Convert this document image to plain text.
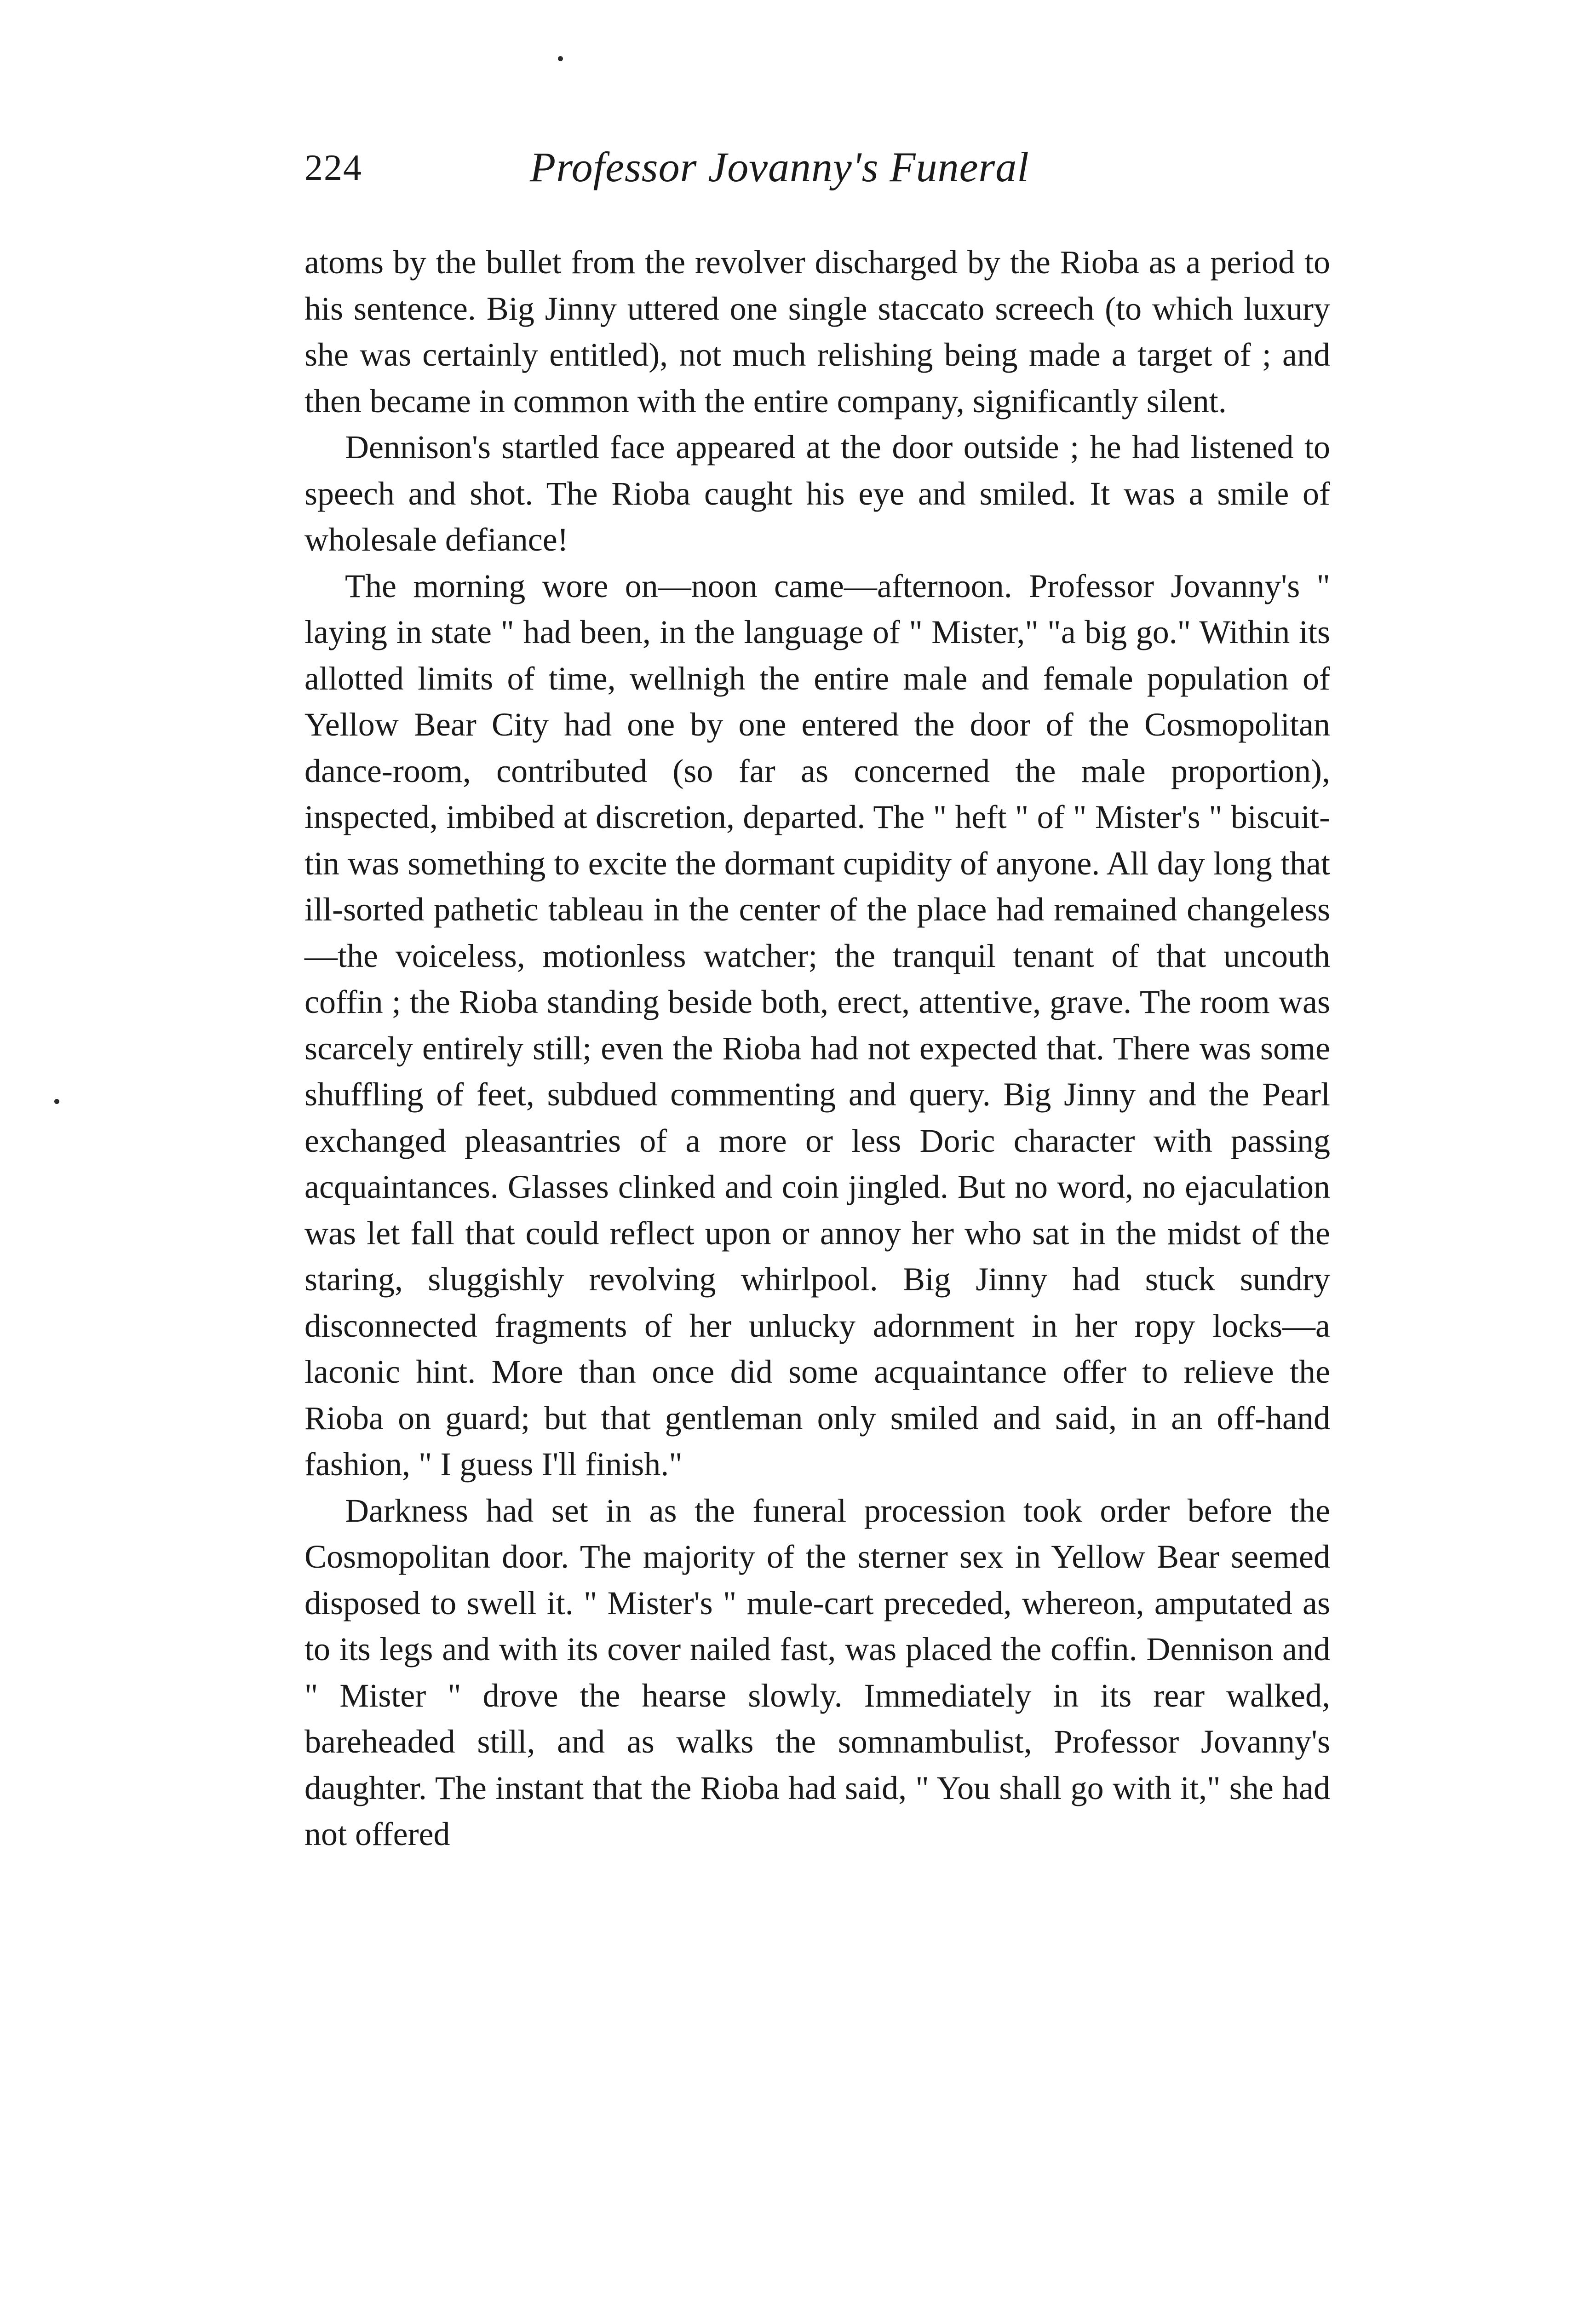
224	Professor Jovanny's Funeral

atoms by the bullet from the revolver discharged by the Rioba as a period to his sentence. Big Jinny uttered one single staccato screech (to which luxury she was certainly entitled), not much relishing being made a target of ; and then became in common with the entire company, significantly silent.

Dennison's startled face appeared at the door outside ; he had listened to speech and shot. The Rioba caught his eye and smiled. It was a smile of wholesale defiance!

The morning wore on—noon came—afternoon. Professor Jovanny's " laying in state " had been, in the language of " Mister," "a big go." Within its allotted limits of time, wellnigh the entire male and female population of Yellow Bear City had one by one entered the door of the Cosmopolitan dance-room, contributed (so far as concerned the male proportion), inspected, imbibed at discretion, departed. The " heft " of " Mister's " biscuit-tin was something to excite the dormant cupidity of anyone. All day long that ill-sorted pathetic tableau in the center of the place had remained changeless—the voiceless, motionless watcher; the tranquil tenant of that uncouth coffin ; the Rioba standing beside both, erect, attentive, grave. The room was scarcely entirely still; even the Rioba had not expected that. There was some shuffling of feet, subdued commenting and query. Big Jinny and the Pearl exchanged pleasantries of a more or less Doric character with passing acquaintances. Glasses clinked and coin jingled. But no word, no ejaculation was let fall that could reflect upon or annoy her who sat in the midst of the staring, sluggishly revolving whirlpool. Big Jinny had stuck sundry disconnected fragments of her unlucky adornment in her ropy locks—a laconic hint. More than once did some acquaintance offer to relieve the Rioba on guard; but that gentleman only smiled and said, in an off-hand fashion, " I guess I'll finish."

Darkness had set in as the funeral procession took order before the Cosmopolitan door. The majority of the sterner sex in Yellow Bear seemed disposed to swell it. " Mister's " mule-cart preceded, whereon, amputated as to its legs and with its cover nailed fast, was placed the coffin. Dennison and " Mister " drove the hearse slowly. Immediately in its rear walked, bareheaded still, and as walks the somnambulist, Professor Jovanny's daughter. The instant that the Rioba had said, " You shall go with it," she had not offered
